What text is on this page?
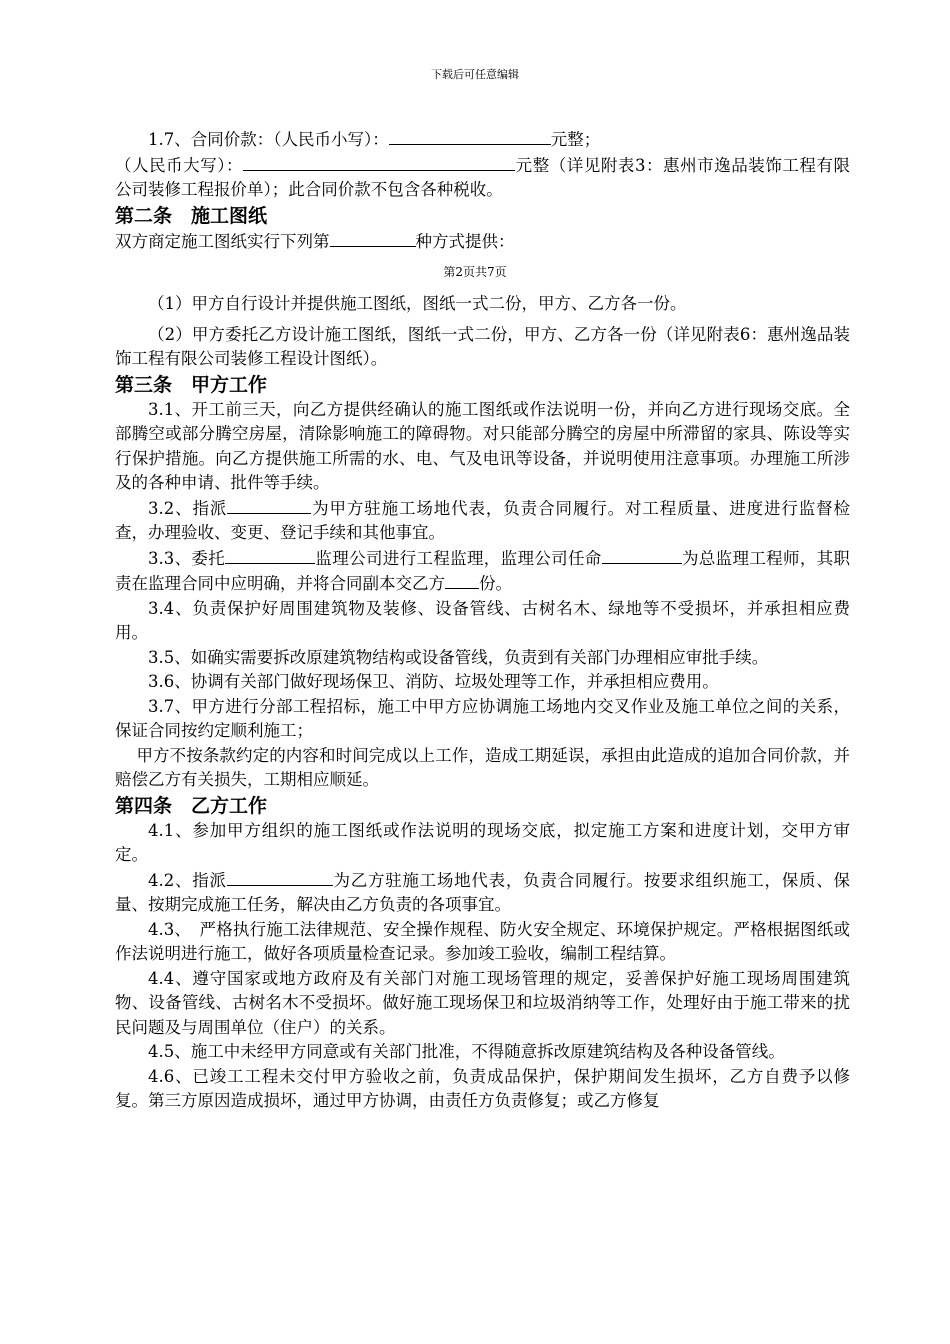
下载后可任意编辑

1.7、合同价款：（人民币小写）：	元整；

（人民币大写）：	元整（详见附表3：惠州市逸品装饰工程有限公司装修工程报价单）；此合同价款不包含各种税收。

第二条　施工图纸

双方商定施工图纸实行下列第	种方式提供：

第2页共7页

（1）甲方自行设计并提供施工图纸，图纸一式二份，甲方、乙方各一份。

（2）甲方委托乙方设计施工图纸，图纸一式二份，甲方、乙方各一份（详见附表6：惠州逸品装饰工程有限公司装修工程设计图纸）。

第三条　甲方工作

3.1、开工前三天，向乙方提供经确认的施工图纸或作法说明一份，并向乙方进行现场交底。全部腾空或部分腾空房屋，清除影响施工的障碍物。对只能部分腾空的房屋中所滞留的家具、陈设等实行保护措施。向乙方提供施工所需的水、电、气及电讯等设备，并说明使用注意事项。办理施工所涉及的各种申请、批件等手续。

3.2、指派	为甲方驻施工场地代表，负责合同履行。对工程质量、进度进行监督检查，办理验收、变更、登记手续和其他事宜。

3.3、委托	监理公司进行工程监理，监理公司任命	为总监理工程师，其职责在监理合同中应明确，并将合同副本交乙方 份。

3.4、负责保护好周围建筑物及装修、设备管线、古树名木、绿地等不受损坏，并承担相应费用。

3.5、如确实需要拆改原建筑物结构或设备管线，负责到有关部门办理相应审批手续。

3.6、协调有关部门做好现场保卫、消防、垃圾处理等工作，并承担相应费用。

3.7、甲方进行分部工程招标，施工中甲方应协调施工场地内交叉作业及施工单位之间的关系，保证合同按约定顺利施工；

甲方不按条款约定的内容和时间完成以上工作，造成工期延误，承担由此造成的追加合同价款，并赔偿乙方有关损失，工期相应顺延。

第四条　乙方工作

4.1、参加甲方组织的施工图纸或作法说明的现场交底，拟定施工方案和进度计划，交甲方审定。

4.2、指派	为乙方驻施工场地代表，负责合同履行。按要求组织施工，保质、保量、按期完成施工任务，解决由乙方负责的各项事宜。

4.3、　严格执行施工法律规范、安全操作规程、防火安全规定、环境保护规定。严格根据图纸或作法说明进行施工，做好各项质量检查记录。参加竣工验收，编制工程结算。

4.4、遵守国家或地方政府及有关部门对施工现场管理的规定，妥善保护好施工现场周围建筑物、设备管线、古树名木不受损坏。做好施工现场保卫和垃圾消纳等工作，处理好由于施工带来的扰民问题及与周围单位（住户）的关系。

4.5、施工中未经甲方同意或有关部门批准，不得随意拆改原建筑结构及各种设备管线。

4.6、已竣工工程未交付甲方验收之前，负责成品保护，保护期间发生损坏，乙方自费予以修复。第三方原因造成损坏，通过甲方协调，由责任方负责修复；或乙方修复
